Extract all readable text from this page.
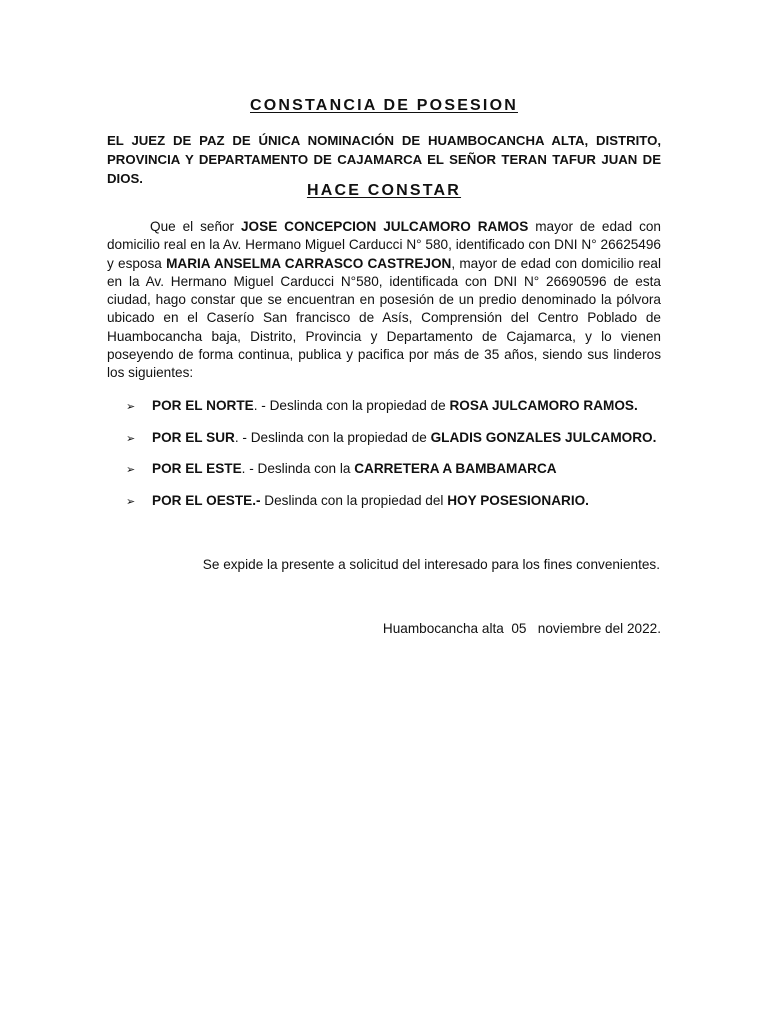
CONSTANCIA DE POSESION
EL JUEZ DE PAZ DE ÚNICA NOMINACIÓN DE HUAMBOCANCHA ALTA, DISTRITO, PROVINCIA Y DEPARTAMENTO DE CAJAMARCA EL SEÑOR TERAN TAFUR JUAN DE DIOS.
HACE CONSTAR
Que el señor JOSE CONCEPCION JULCAMORO RAMOS mayor de edad con domicilio real en la Av. Hermano Miguel Carducci N° 580, identificado con DNI N° 26625496 y esposa MARIA ANSELMA CARRASCO CASTREJON, mayor de edad con domicilio real en la Av. Hermano Miguel Carducci N°580, identificada con DNI N° 26690596 de esta ciudad, hago constar que se encuentran en posesión de un predio denominado la pólvora ubicado en el Caserío San francisco de Asís, Comprensión del Centro Poblado de Huambocancha baja, Distrito, Provincia y Departamento de Cajamarca, y lo vienen poseyendo de forma continua, publica y pacifica por más de 35 años, siendo sus linderos los siguientes:
➢ POR EL NORTE. - Deslinda con la propiedad de ROSA JULCAMORO RAMOS.
➢ POR EL SUR. - Deslinda con la propiedad de GLADIS GONZALES JULCAMORO.
➢ POR EL ESTE. - Deslinda con la CARRETERA A BAMBAMARCA
➢ POR EL OESTE.- Deslinda con la propiedad del HOY POSESIONARIO.
Se expide la presente a solicitud del interesado para los fines convenientes.
Huambocancha alta  05   noviembre del 2022.
